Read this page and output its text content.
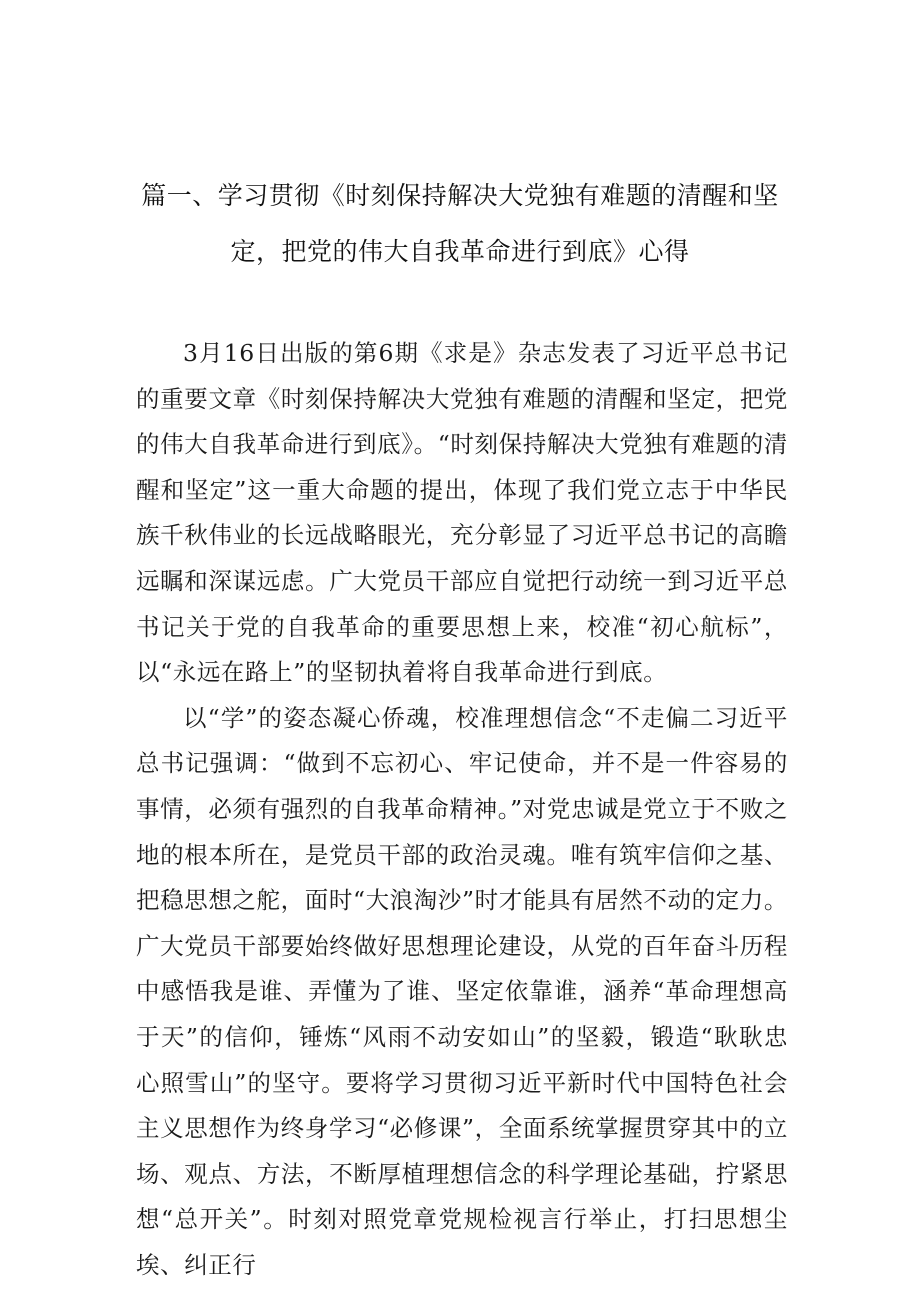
篇一、学习贯彻《时刻保持解决大党独有难题的清醒和坚
定，把党的伟大自我革命进行到底》心得

3月16日出版的第6期《求是》杂志发表了习近平总书记的重要文章《时刻保持解决大党独有难题的清醒和坚定，把党的伟大自我革命进行到底》。“时刻保持解决大党独有难题的清醒和坚定”这一重大命题的提出，体现了我们党立志于中华民族千秋伟业的长远战略眼光，充分彰显了习近平总书记的高瞻远瞩和深谋远虑。广大党员干部应自觉把行动统一到习近平总书记关于党的自我革命的重要思想上来，校准“初心航标”，以“永远在路上”的坚韧执着将自我革命进行到底。

以“学”的姿态凝心侨魂，校准理想信念“不走偏二习近平总书记强调：“做到不忘初心、牢记使命，并不是一件容易的事情，必须有强烈的自我革命精神。”对党忠诚是党立于不败之地的根本所在，是党员干部的政治灵魂。唯有筑牢信仰之基、把稳思想之舵，面时“大浪淘沙”时才能具有居然不动的定力。广大党员干部要始终做好思想理论建设，从党的百年奋斗历程中感悟我是谁、弄懂为了谁、坚定依靠谁，涵养“革命理想高于天”的信仰，锤炼“风雨不动安如山”的坚毅，锻造“耿耿忠心照雪山”的坚守。要将学习贯彻习近平新时代中国特色社会主义思想作为终身学习“必修课”，全面系统掌握贯穿其中的立场、观点、方法，不断厚植理想信念的科学理论基础，拧紧思想“总开关”。时刻对照党章党规检视言行举止，打扫思想尘埃、纠正行
